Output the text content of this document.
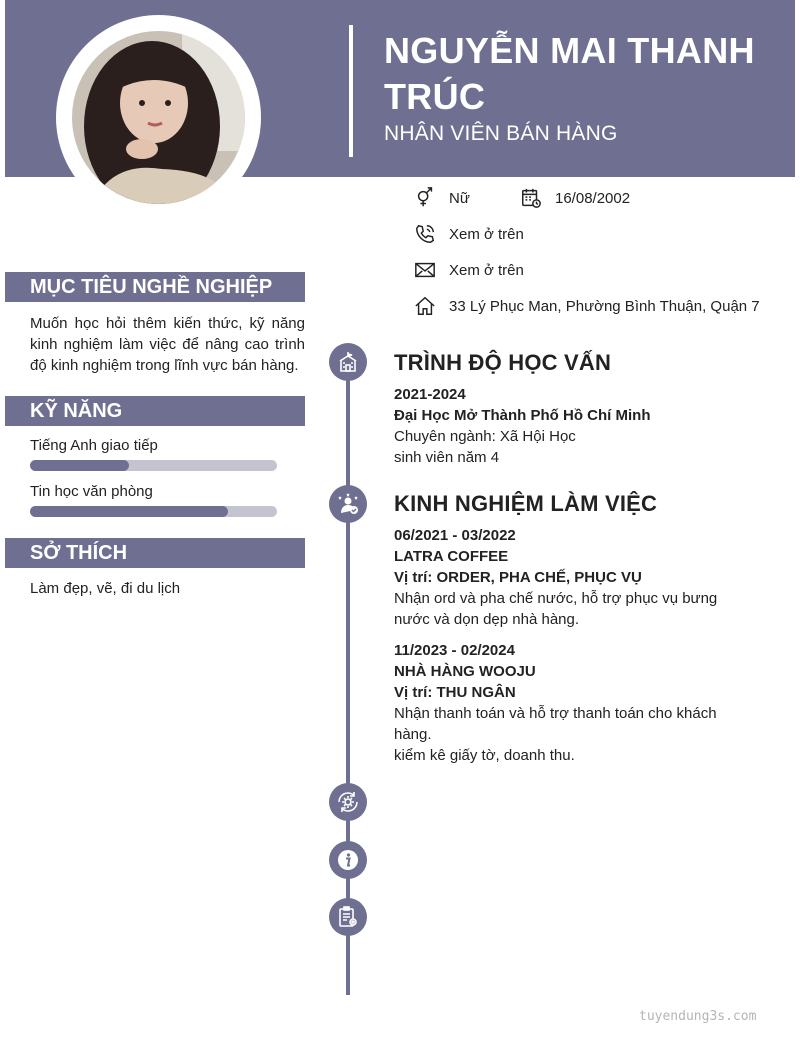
NGUYỄN MAI THANH TRÚC
NHÂN VIÊN BÁN HÀNG
Nữ	16/08/2002
Xem ở trên
Xem ở trên
33 Lý Phục Man, Phường Bình Thuận, Quận 7
MỤC TIÊU NGHỀ NGHIỆP
Muốn học hỏi thêm kiến thức, kỹ năng kinh nghiệm làm việc để nâng cao trình độ kinh nghiệm trong lĩnh vực bán hàng.
KỸ NĂNG
Tiếng Anh giao tiếp
Tin học văn phòng
SỞ THÍCH
Làm đẹp, vẽ, đi du lịch
TRÌNH ĐỘ HỌC VẤN
2021-2024
Đại Học Mở Thành Phố Hồ Chí Minh
Chuyên ngành: Xã Hội Học
sinh viên năm 4
KINH NGHIỆM LÀM VIỆC
06/2021 - 03/2022
LATRA COFFEE
Vị trí: ORDER, PHA CHẾ, PHỤC VỤ
Nhận ord và pha chế nước, hỗ trợ phục vụ bưng
nước và dọn dẹp nhà hàng.
11/2023 - 02/2024
NHÀ HÀNG WOOJU
Vị trí: THU NGÂN
Nhận thanh toán và hỗ trợ thanh toán cho khách
hàng.
kiểm kê giấy tờ, doanh thu.
tuyendung3s.com
